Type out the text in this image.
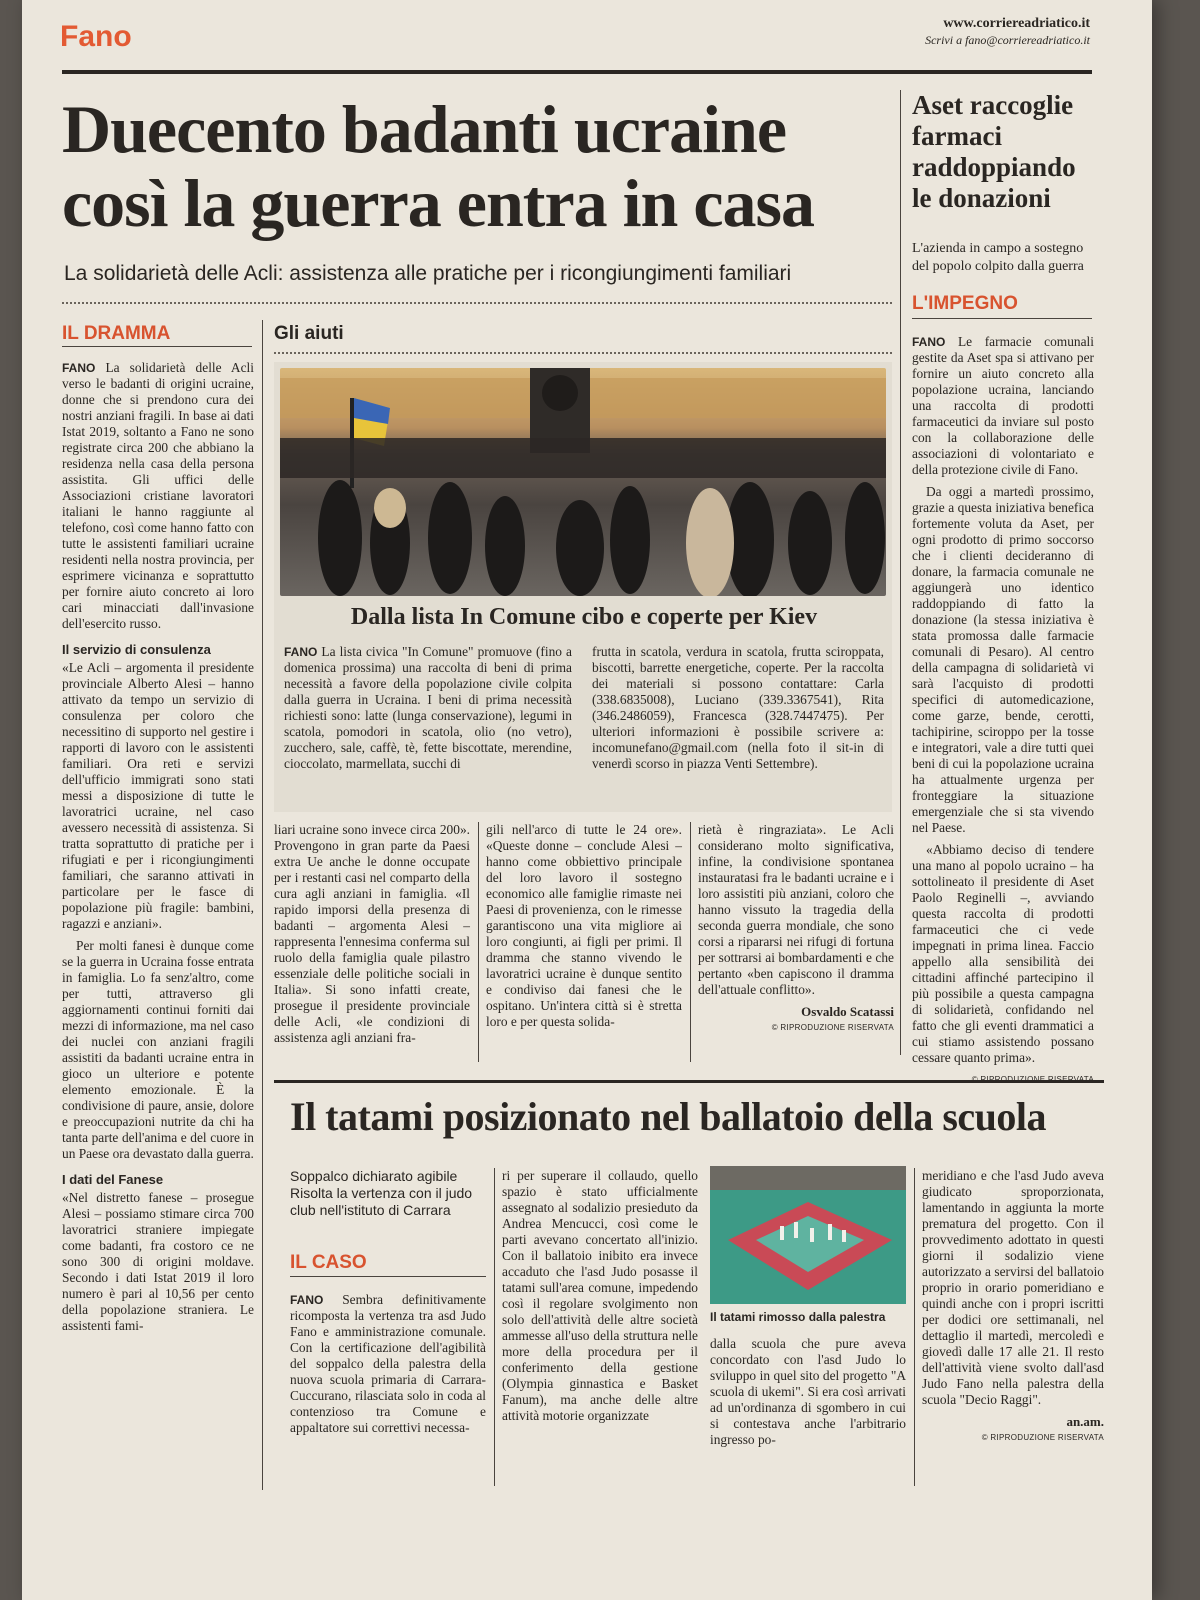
Fano	www.corriereadriatico.it
Scrivi a fano@corriereadriatico.it
Duecento badanti ucraine
così la guerra entra in casa
La solidarietà delle Acli: assistenza alle pratiche per i ricongiungimenti familiari
IL DRAMMA

FANO La solidarietà delle Acli verso le badanti di origini ucraine, donne che si prendono cura dei nostri anziani fragili. In base ai dati Istat 2019, soltanto a Fano ne sono registrate circa 200 che abbiano la residenza nella casa della persona assistita. Gli uffici delle Associazioni cristiane lavoratori italiani le hanno raggiunte al telefono, così come hanno fatto con tutte le assistenti familiari ucraine residenti nella nostra provincia, per esprimere vicinanza e soprattutto per fornire aiuto concreto ai loro cari minacciati dall'invasione dell'esercito russo.

Il servizio di consulenza

«Le Acli – argomenta il presidente provinciale Alberto Alesi – hanno attivato da tempo un servizio di consulenza per coloro che necessitino di supporto nel gestire i rapporti di lavoro con le assistenti familiari. Ora reti e servizi dell'ufficio immigrati sono stati messi a disposizione di tutte le lavoratrici ucraine, nel caso avessero necessità di assistenza. Si tratta soprattutto di pratiche per i rifugiati e per i ricongiungimenti familiari, che saranno attivati in particolare per le fasce di popolazione più fragile: bambini, ragazzi e anziani».

Per molti fanesi è dunque come se la guerra in Ucraina fosse entrata in famiglia. Lo fa senz'altro, come per tutti, attraverso gli aggiornamenti continui forniti dai mezzi di informazione, ma nel caso dei nuclei con anziani fragili assistiti da badanti ucraine entra in gioco un ulteriore e potente elemento emozionale. È la condivisione di paure, ansie, dolore e preoccupazioni nutrite da chi ha tanta parte dell'anima e del cuore in un Paese ora devastato dalla guerra.

I dati del Fanese

«Nel distretto fanese – prosegue Alesi – possiamo stimare circa 700 lavoratrici straniere impiegate come badanti, fra costoro ce ne sono 300 di origini moldave. Secondo i dati Istat 2019 il loro numero è pari al 10,56 per cento della popolazione straniera. Le assistenti fami-

Gli aiuti
Dalla lista In Comune cibo e coperte per Kiev

FANO La lista civica "In Comune" promuove (fino a domenica prossima) una raccolta di beni di prima necessità a favore della popolazione civile colpita dalla guerra in Ucraina. I beni di prima necessità richiesti sono: latte (lunga conservazione), legumi in scatola, pomodori in scatola, olio (no vetro), zucchero, sale, caffè, tè, fette biscottate, merendine, cioccolato, marmellata, succhi di

frutta in scatola, verdura in scatola, frutta sciroppata, biscotti, barrette energetiche, coperte. Per la raccolta dei materiali si possono contattare: Carla (338.6835008), Luciano (339.3367541), Rita (346.2486059), Francesca (328.7447475). Per ulteriori informazioni è possibile scrivere a: incomunefano@gmail.com (nella foto il sit-in di venerdì scorso in piazza Venti Settembre).

liari ucraine sono invece circa 200». Provengono in gran parte da Paesi extra Ue anche le donne occupate per i restanti casi nel comparto della cura agli anziani in famiglia. «Il rapido imporsi della presenza di badanti – argomenta Alesi – rappresenta l'ennesima conferma sul ruolo della famiglia quale pilastro essenziale delle politiche sociali in Italia». Si sono infatti create, prosegue il presidente provinciale delle Acli, «le condizioni di assistenza agli anziani fra-

gili nell'arco di tutte le 24 ore». «Queste donne – conclude Alesi – hanno come obbiettivo principale del loro lavoro il sostegno economico alle famiglie rimaste nei Paesi di provenienza, con le rimesse garantiscono una vita migliore ai loro congiunti, ai figli per primi. Il dramma che stanno vivendo le lavoratrici ucraine è dunque sentito e condiviso dai fanesi che le ospitano. Un'intera città si è stretta loro e per questa solida-

rietà è ringraziata». Le Acli considerano molto significativa, infine, la condivisione spontanea instauratasi fra le badanti ucraine e i loro assistiti più anziani, coloro che hanno vissuto la tragedia della seconda guerra mondiale, che sono corsi a ripararsi nei rifugi di fortuna per sottrarsi ai bombardamenti e che pertanto «ben capiscono il dramma dell'attuale conflitto».

Osvaldo Scatassi
© RIPRODUZIONE RISERVATA
Aset raccoglie farmaci raddoppiando le donazioni
L'azienda in campo a sostegno del popolo colpito dalla guerra
L'IMPEGNO

FANO Le farmacie comunali gestite da Aset spa si attivano per fornire un aiuto concreto alla popolazione ucraina, lanciando una raccolta di prodotti farmaceutici da inviare sul posto con la collaborazione delle associazioni di volontariato e della protezione civile di Fano.

Da oggi a martedì prossimo, grazie a questa iniziativa benefica fortemente voluta da Aset, per ogni prodotto di primo soccorso che i clienti decideranno di donare, la farmacia comunale ne aggiungerà uno identico raddoppiando di fatto la donazione (la stessa iniziativa è stata promossa dalle farmacie comunali di Pesaro). Al centro della campagna di solidarietà vi sarà l'acquisto di prodotti specifici di automedicazione, come garze, bende, cerotti, tachipirine, sciroppo per la tosse e integratori, vale a dire tutti quei beni di cui la popolazione ucraina ha attualmente urgenza per fronteggiare la situazione emergenziale che si sta vivendo nel Paese.

«Abbiamo deciso di tendere una mano al popolo ucraino – ha sottolineato il presidente di Aset Paolo Reginelli –, avviando questa raccolta di prodotti farmaceutici che ci vede impegnati in prima linea. Faccio appello alla sensibilità dei cittadini affinché partecipino il più possibile a questa campagna di solidarietà, confidando nel fatto che gli eventi drammatici a cui stiamo assistendo possano cessare quanto prima».

© RIPRODUZIONE RISERVATA
Il tatami posizionato nel ballatoio della scuola
Soppalco dichiarato agibile Risolta la vertenza con il judo club nell'istituto di Carrara
IL CASO

FANO Sembra definitivamente ricomposta la vertenza tra asd Judo Fano e amministrazione comunale. Con la certificazione dell'agibilità del soppalco della palestra della nuova scuola primaria di Carrara-Cuccurano, rilasciata solo in coda al contenzioso tra Comune e appaltatore sui correttivi necessa-

ri per superare il collaudo, quello spazio è stato ufficialmente assegnato al sodalizio presieduto da Andrea Mencucci, così come le parti avevano concertato all'inizio. Con il ballatoio inibito era invece accaduto che l'asd Judo posasse il tatami sull'area comune, impedendo così il regolare svolgimento non solo dell'attività delle altre società ammesse all'uso della struttura nelle more della procedura per il conferimento della gestione (Olympia ginnastica e Basket Fanum), ma anche delle altre attività motorie organizzate

Il tatami rimosso dalla palestra

dalla scuola che pure aveva concordato con l'asd Judo lo sviluppo in quel sito del progetto "A scuola di ukemi". Si era così arrivati ad un'ordinanza di sgombero in cui si contestava anche l'arbitrario ingresso po-

meridiano e che l'asd Judo aveva giudicato sproporzionata, lamentando in aggiunta la morte prematura del progetto. Con il provvedimento adottato in questi giorni il sodalizio viene autorizzato a servirsi del ballatoio proprio in orario pomeridiano e quindi anche con i propri iscritti per dodici ore settimanali, nel dettaglio il martedì, mercoledì e giovedì dalle 17 alle 21. Il resto dell'attività viene svolto dall'asd Judo Fano nella palestra della scuola "Decio Raggi".

an.am.
© RIPRODUZIONE RISERVATA
